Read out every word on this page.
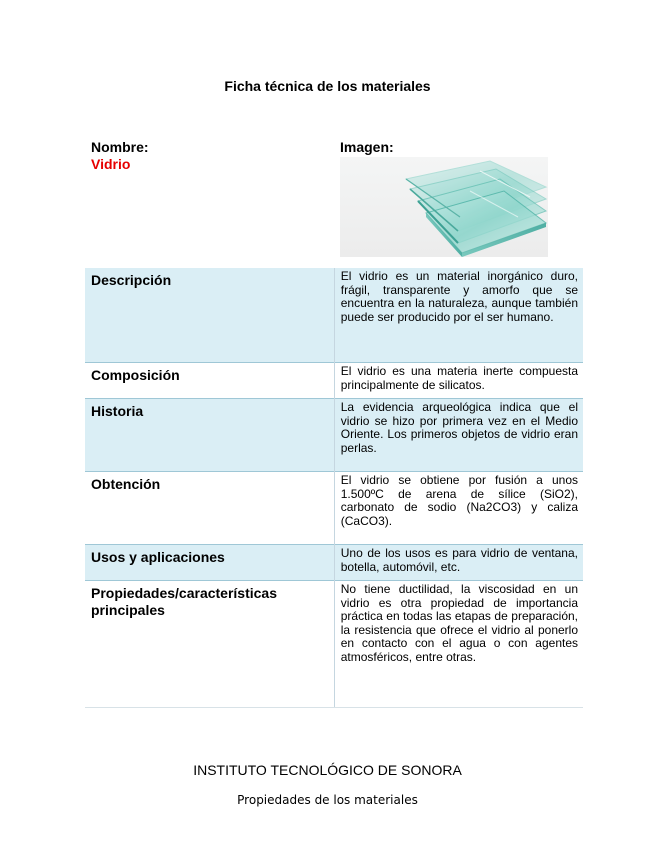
Ficha técnica de los materiales
Nombre:
Vidrio
Imagen:
Descripción	El vidrio es un material inorgánico duro, frágil, transparente y amorfo que se encuentra en la naturaleza, aunque también puede ser producido por el ser humano.

Composición	El vidrio es una materia inerte compuesta principalmente de silicatos.

Historia	La evidencia arqueológica indica que el vidrio se hizo por primera vez en el Medio Oriente. Los primeros objetos de vidrio eran perlas.

Obtención	El vidrio se obtiene por fusión a unos 1.500ºC de arena de sílice (SiO2), carbonato de sodio (Na2CO3) y caliza (CaCO3).

Usos y aplicaciones	Uno de los usos es para vidrio de ventana, botella, automóvil, etc.

Propiedades/características principales	No tiene ductilidad, la viscosidad en un vidrio es otra propiedad de importancia práctica en todas las etapas de preparación, la resistencia que ofrece el vidrio al ponerlo en contacto con el agua o con agentes atmosféricos, entre otras.
INSTITUTO TECNOLÓGICO DE SONORA
Propiedades de los materiales
